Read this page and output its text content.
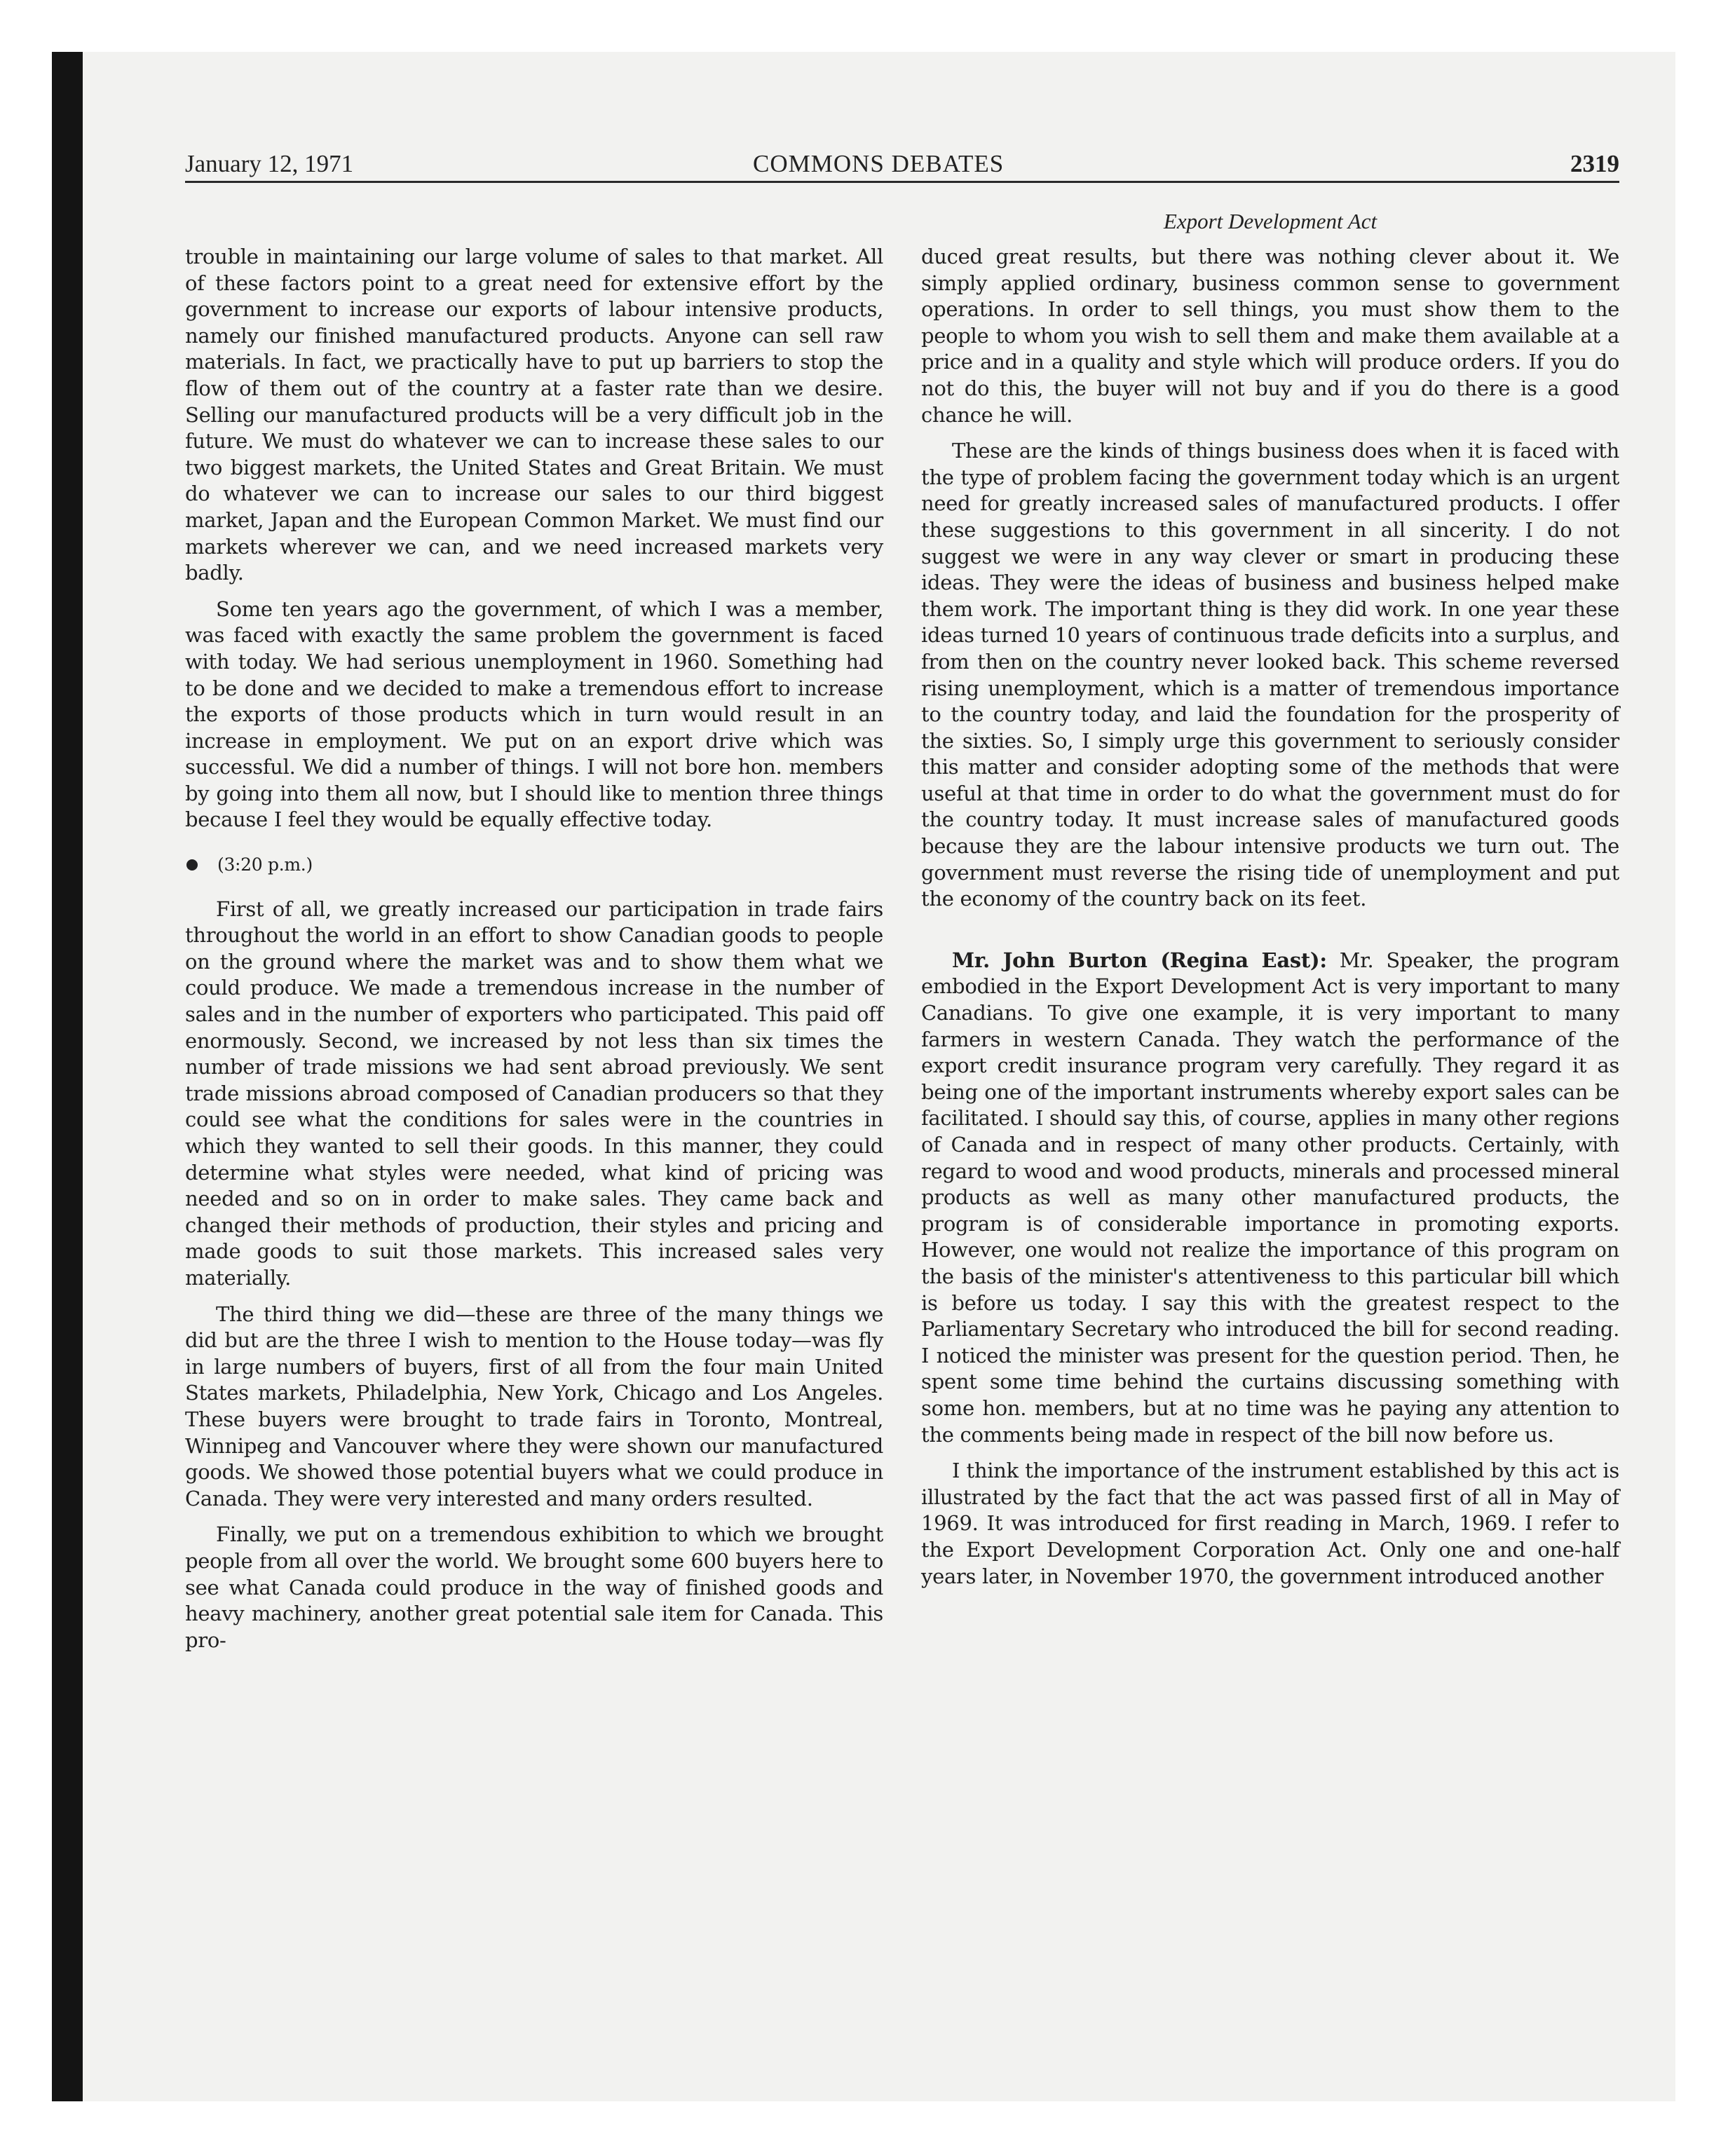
January 12, 1971	COMMONS DEBATES	2319
Export Development Act

trouble in maintaining our large volume of sales to that market. All of these factors point to a great need for extensive effort by the government to increase our exports of labour intensive products, namely our finished manufactured products. Anyone can sell raw materials. In fact, we practically have to put up barriers to stop the flow of them out of the country at a faster rate than we desire. Selling our manufactured products will be a very difficult job in the future. We must do whatever we can to increase these sales to our two biggest markets, the United States and Great Britain. We must do whatever we can to increase our sales to our third biggest market, Japan and the European Common Market. We must find our markets wherever we can, and we need increased markets very badly.

Some ten years ago the government, of which I was a member, was faced with exactly the same problem the government is faced with today. We had serious unemployment in 1960. Something had to be done and we decided to make a tremendous effort to increase the exports of those products which in turn would result in an increase in employment. We put on an export drive which was successful. We did a number of things. I will not bore hon. members by going into them all now, but I should like to mention three things because I feel they would be equally effective today.

(3:20 p.m.)

First of all, we greatly increased our participation in trade fairs throughout the world in an effort to show Canadian goods to people on the ground where the market was and to show them what we could produce. We made a tremendous increase in the number of sales and in the number of exporters who participated. This paid off enormously. Second, we increased by not less than six times the number of trade missions we had sent abroad previously. We sent trade missions abroad composed of Canadian producers so that they could see what the conditions for sales were in the countries in which they wanted to sell their goods. In this manner, they could determine what styles were needed, what kind of pricing was needed and so on in order to make sales. They came back and changed their methods of production, their styles and pricing and made goods to suit those markets. This increased sales very materially.

The third thing we did—these are three of the many things we did but are the three I wish to mention to the House today—was fly in large numbers of buyers, first of all from the four main United States markets, Philadelphia, New York, Chicago and Los Angeles. These buyers were brought to trade fairs in Toronto, Montreal, Winnipeg and Vancouver where they were shown our manufactured goods. We showed those potential buyers what we could produce in Canada. They were very interested and many orders resulted.

Finally, we put on a tremendous exhibition to which we brought people from all over the world. We brought some 600 buyers here to see what Canada could produce in the way of finished goods and heavy machinery, another great potential sale item for Canada. This pro-

duced great results, but there was nothing clever about it. We simply applied ordinary, business common sense to government operations. In order to sell things, you must show them to the people to whom you wish to sell them and make them available at a price and in a quality and style which will produce orders. If you do not do this, the buyer will not buy and if you do there is a good chance he will.

These are the kinds of things business does when it is faced with the type of problem facing the government today which is an urgent need for greatly increased sales of manufactured products. I offer these suggestions to this government in all sincerity. I do not suggest we were in any way clever or smart in producing these ideas. They were the ideas of business and business helped make them work. The important thing is they did work. In one year these ideas turned 10 years of continuous trade deficits into a surplus, and from then on the country never looked back. This scheme reversed rising unemployment, which is a matter of tremendous importance to the country today, and laid the foundation for the prosperity of the sixties. So, I simply urge this government to seriously consider this matter and consider adopting some of the methods that were useful at that time in order to do what the government must do for the country today. It must increase sales of manufactured goods because they are the labour intensive products we turn out. The government must reverse the rising tide of unemployment and put the economy of the country back on its feet.

Mr. John Burton (Regina East): Mr. Speaker, the program embodied in the Export Development Act is very important to many Canadians. To give one example, it is very important to many farmers in western Canada. They watch the performance of the export credit insurance program very carefully. They regard it as being one of the important instruments whereby export sales can be facilitated. I should say this, of course, applies in many other regions of Canada and in respect of many other products. Certainly, with regard to wood and wood products, minerals and processed mineral products as well as many other manufactured products, the program is of considerable importance in promoting exports. However, one would not realize the importance of this program on the basis of the minister's attentiveness to this particular bill which is before us today. I say this with the greatest respect to the Parliamentary Secretary who introduced the bill for second reading. I noticed the minister was present for the question period. Then, he spent some time behind the curtains discussing something with some hon. members, but at no time was he paying any attention to the comments being made in respect of the bill now before us.

I think the importance of the instrument established by this act is illustrated by the fact that the act was passed first of all in May of 1969. It was introduced for first reading in March, 1969. I refer to the Export Development Corporation Act. Only one and one-half years later, in November 1970, the government introduced another
